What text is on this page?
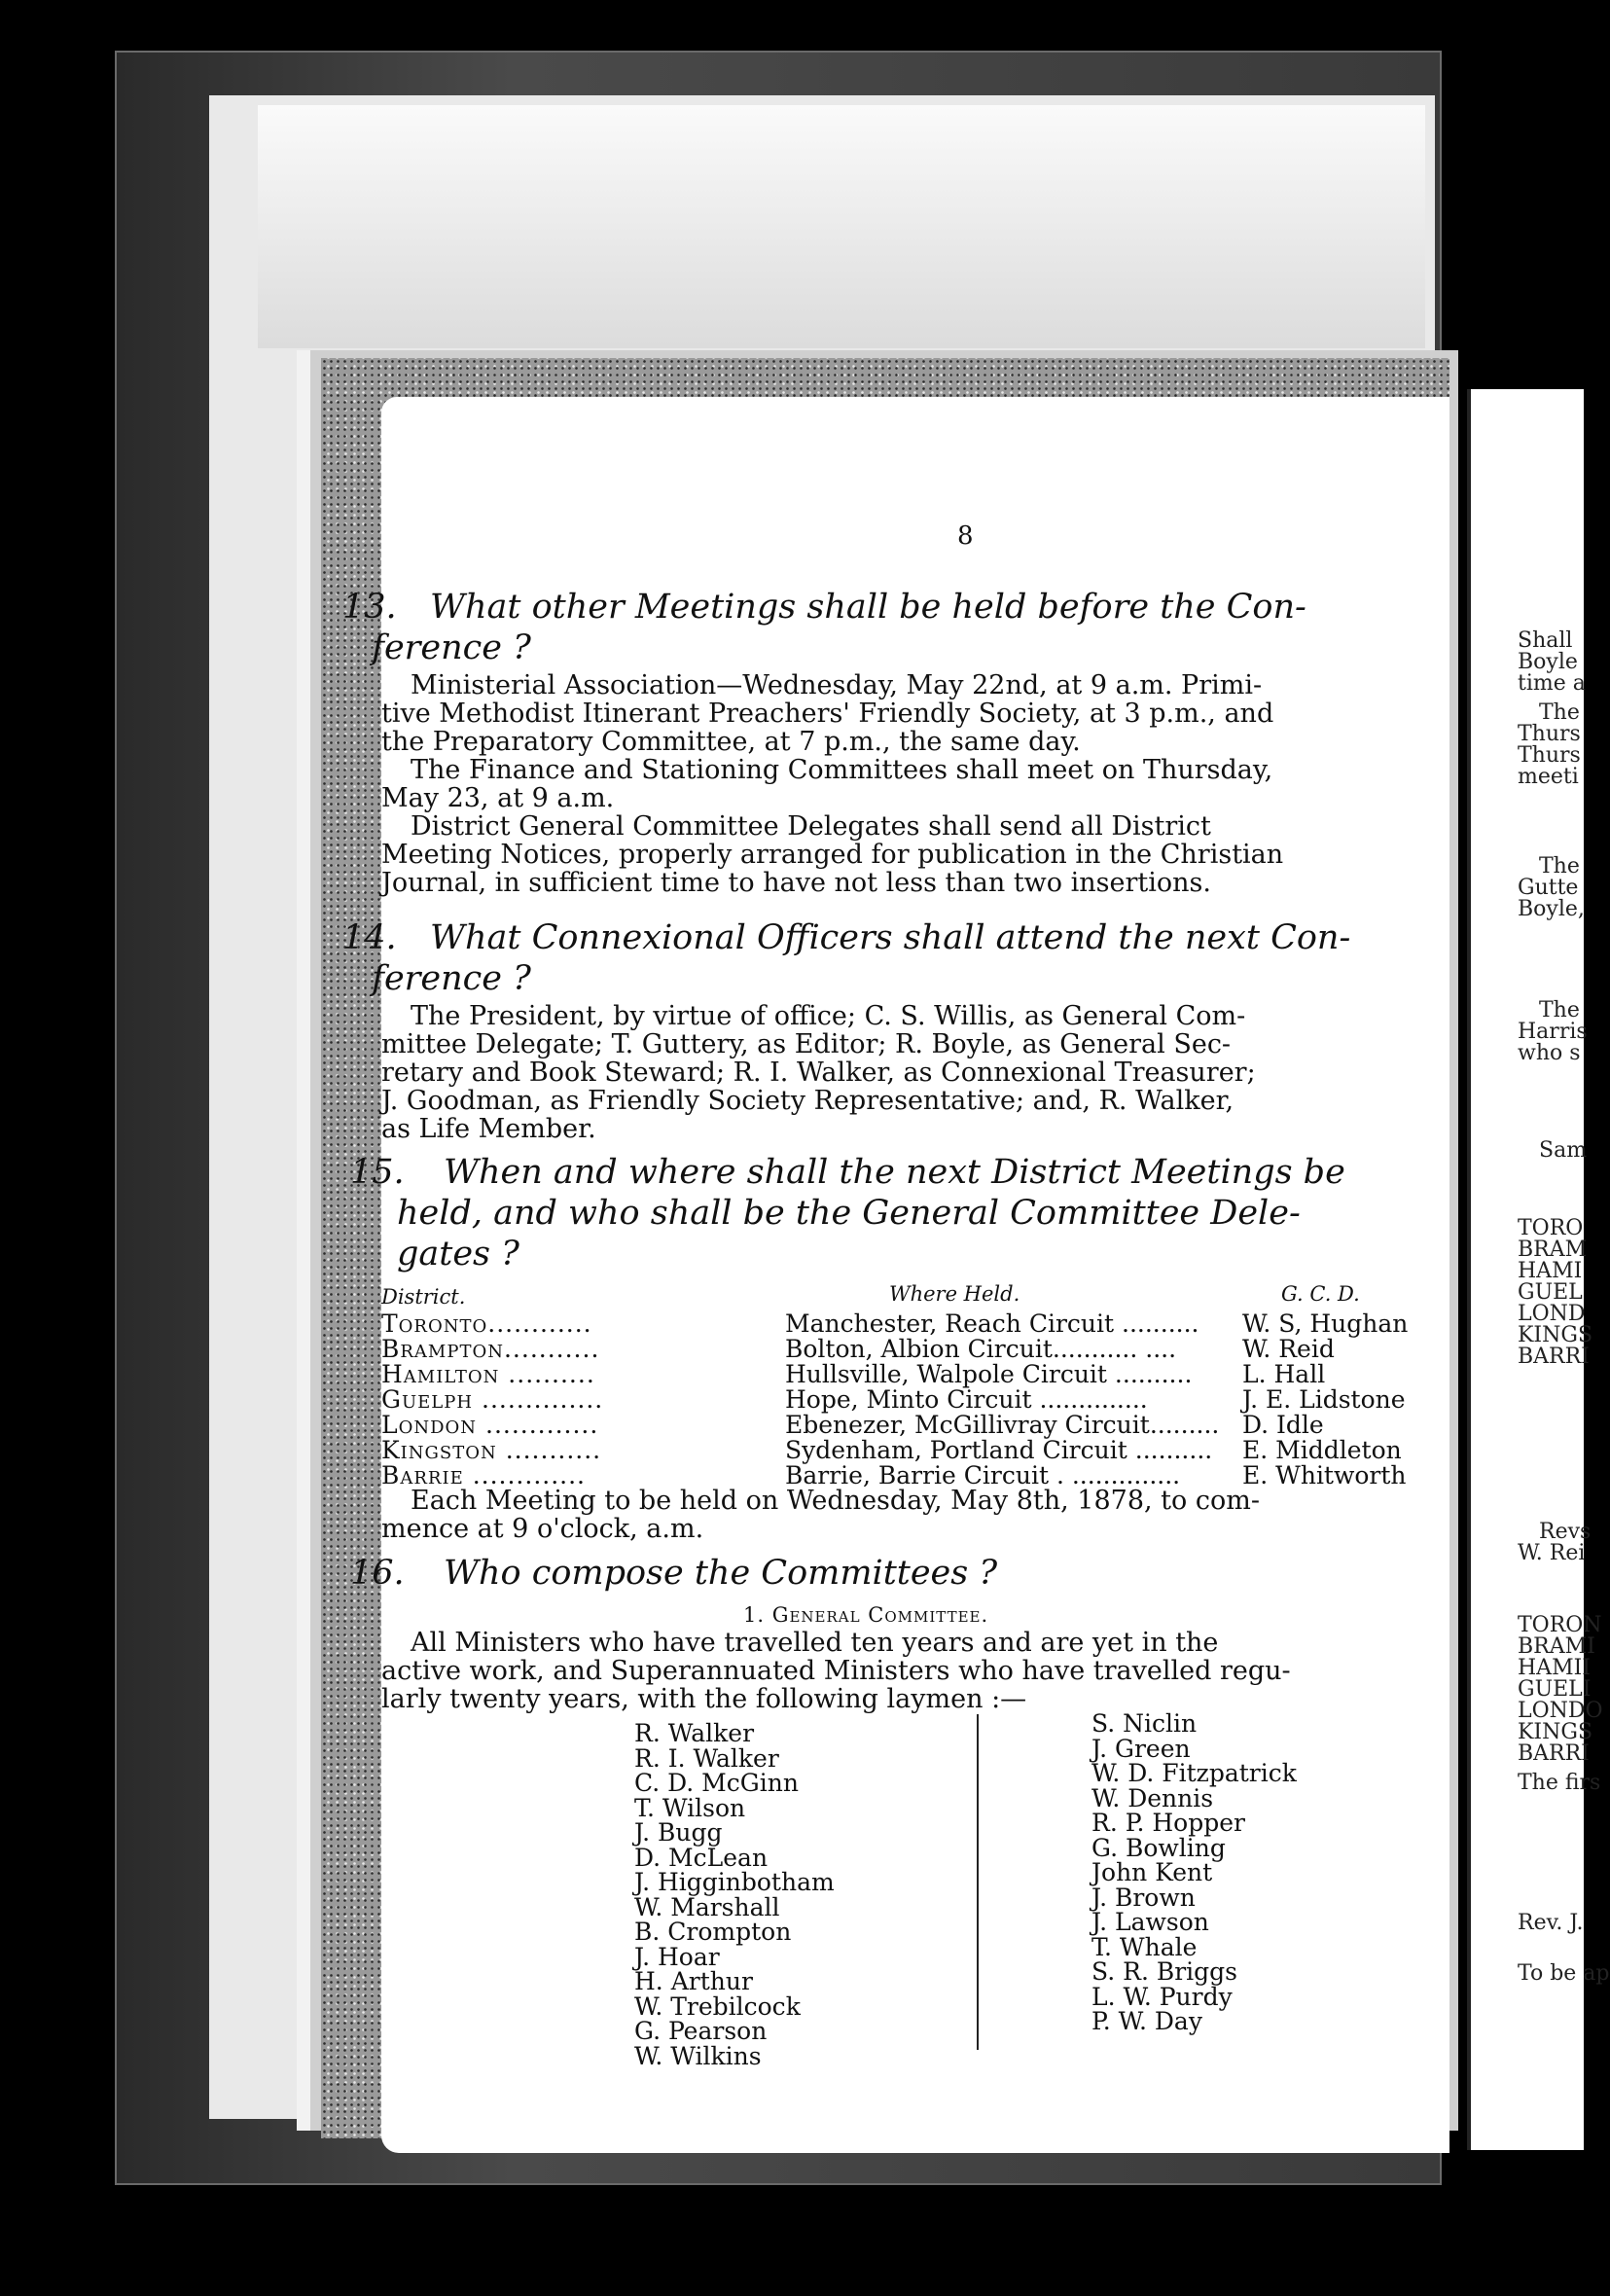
8
13. What other Meetings shall be held before the Con-
ference ?
Ministerial Association—Wednesday, May 22nd, at 9 a.m. Primi-
tive Methodist Itinerant Preachers' Friendly Society, at 3 p.m., and
the Preparatory Committee, at 7 p.m., the same day.
The Finance and Stationing Committees shall meet on Thursday,
May 23, at 9 a.m.
District General Committee Delegates shall send all District
Meeting Notices, properly arranged for publication in the Christian
Journal, in sufficient time to have not less than two insertions.
14. What Connexional Officers shall attend the next Con-
ference ?
The President, by virtue of office; C. S. Willis, as General Com-
mittee Delegate; T. Guttery, as Editor; R. Boyle, as General Sec-
retary and Book Steward; R. I. Walker, as Connexional Treasurer;
J. Goodman, as Friendly Society Representative; and, R. Walker,
as Life Member.
15. When and where shall the next District Meetings be
held, and who shall be the General Committee Dele-
gates ?
District.	Where Held.	G. C. D.
Toronto............	Manchester, Reach Circuit .......... W. S, Hughan
Brampton...........	Bolton, Albion Circuit........... ....	W. Reid
Hamilton ..........	Hullsville, Walpole Circuit .......... L. Hall
Guelph ..............	Hope, Minto Circuit ..............	J. E. Lidstone
London .............	Ebenezer, McGillivray Circuit......... D. Idle
Kingston ...........	Sydenham, Portland Circuit .......... E. Middleton
Barrie .............	Barrie, Barrie Circuit . ..............	E. Whitworth
Each Meeting to be held on Wednesday, May 8th, 1878, to com-
mence at 9 o'clock, a.m.
16. Who compose the Committees ?
1. General Committee.
All Ministers who have travelled ten years and are yet in the
active work, and Superannuated Ministers who have travelled regu-
larly twenty years, with the following laymen :—
R. Walker
R. I. Walker
C. D. McGinn
T. Wilson
J. Bugg
D. McLean
J. Higginbotham
W. Marshall
B. Crompton
J. Hoar
H. Arthur
W. Trebilcock
G. Pearson
W. Wilkins
S. Niclin
J. Green
W. D. Fitzpatrick
W. Dennis
R. P. Hopper
G. Bowling
John Kent
J. Brown
J. Lawson
T. Whale
S. R. Briggs
L. W. Purdy
P. W. Day
Shall
Boyle
time a
The
Thurs
Thurs
meeti
The
Gutte
Boyle,
The
Harris
who s
Sam
TORO
BRAM
HAMI
GUEL
LOND
KINGS
BARRI
Revs
W. Rei
TORON
BRAMI
HAMII
GUELI
LONDO
KINGS
BARRI
The firs
Rev. J.
To be ap
